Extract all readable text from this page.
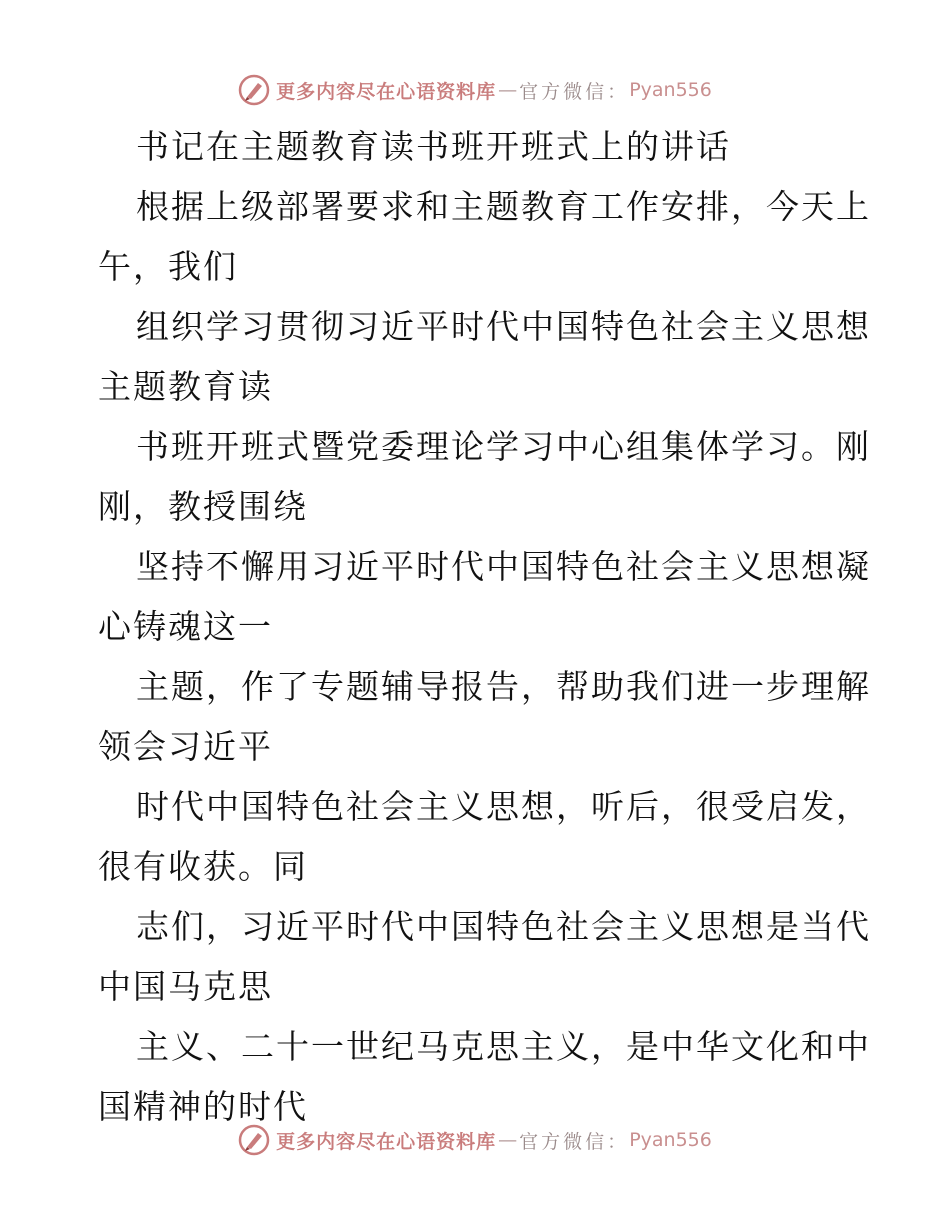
更多内容尽在心语资料库 — 官方微信： Pyan556
书记在主题教育读书班开班式上的讲话
根据上级部署要求和主题教育工作安排，今天上
午，我们
组织学习贯彻习近平时代中国特色社会主义思想
主题教育读
书班开班式暨党委理论学习中心组集体学习。刚
刚，教授围绕
坚持不懈用习近平时代中国特色社会主义思想凝
心铸魂这一
主题，作了专题辅导报告，帮助我们进一步理解
领会习近平
时代中国特色社会主义思想，听后，很受启发，
很有收获。同
志们，习近平时代中国特色社会主义思想是当代
中国马克思
主义、二十一世纪马克思主义，是中华文化和中
国精神的时代
更多内容尽在心语资料库 — 官方微信： Pyan556
